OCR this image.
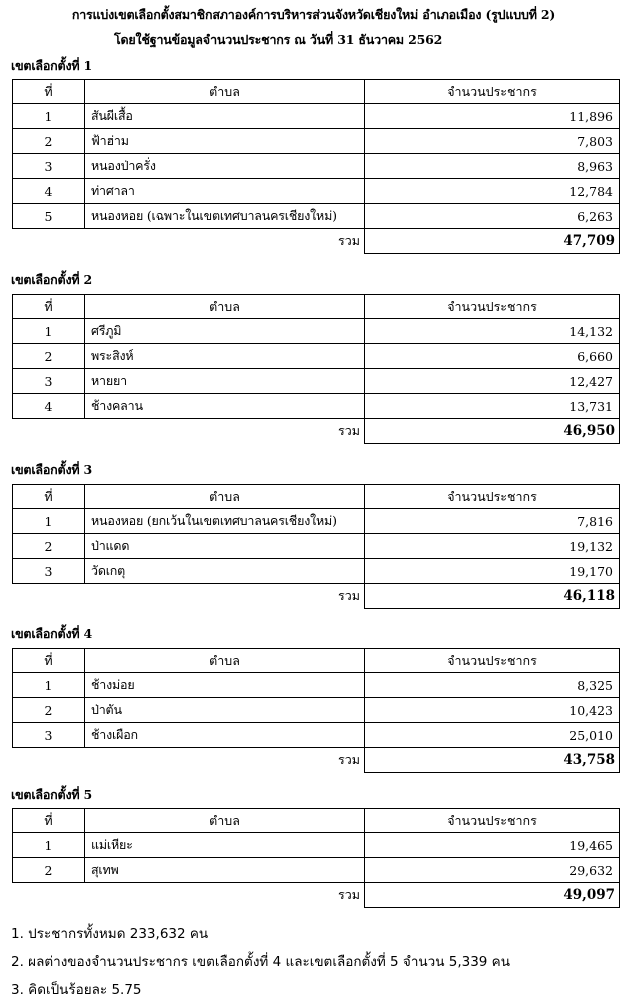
การแบ่งเขตเลือกตั้งสมาชิกสภาองค์การบริหารส่วนจังหวัดเชียงใหม่ อำเภอเมือง (รูปแบบที่ 2)
โดยใช้ฐานข้อมูลจำนวนประชากร ณ วันที่ 31 ธันวาคม 2562
เขตเลือกตั้งที่ 1
ที่	ตำบล	จำนวนประชากร
1	สันผีเสื้อ	11,896
2	ฟ้าฮ่าม	7,803
3	หนองป่าครั่ง	8,963
4	ท่าศาลา	12,784
5	หนองหอย (เฉพาะในเขตเทศบาลนครเชียงใหม่)	6,263
	รวม	47,709
เขตเลือกตั้งที่ 2
ที่	ตำบล	จำนวนประชากร
1	ศรีภูมิ	14,132
2	พระสิงห์	6,660
3	หายยา	12,427
4	ช้างคลาน	13,731
	รวม	46,950
เขตเลือกตั้งที่ 3
ที่	ตำบล	จำนวนประชากร
1	หนองหอย (ยกเว้นในเขตเทศบาลนครเชียงใหม่)	7,816
2	ป่าแดด	19,132
3	วัดเกตุ	19,170
	รวม	46,118
เขตเลือกตั้งที่ 4
ที่	ตำบล	จำนวนประชากร
1	ช้างม่อย	8,325
2	ป่าตัน	10,423
3	ช้างเผือก	25,010
	รวม	43,758
เขตเลือกตั้งที่ 5
ที่	ตำบล	จำนวนประชากร
1	แม่เหียะ	19,465
2	สุเทพ	29,632
	รวม	49,097
1. ประชากรทั้งหมด 233,632 คน
2. ผลต่างของจำนวนประชากร เขตเลือกตั้งที่ 4 และเขตเลือกตั้งที่ 5 จำนวน 5,339 คน
3. คิดเป็นร้อยละ 5.75
